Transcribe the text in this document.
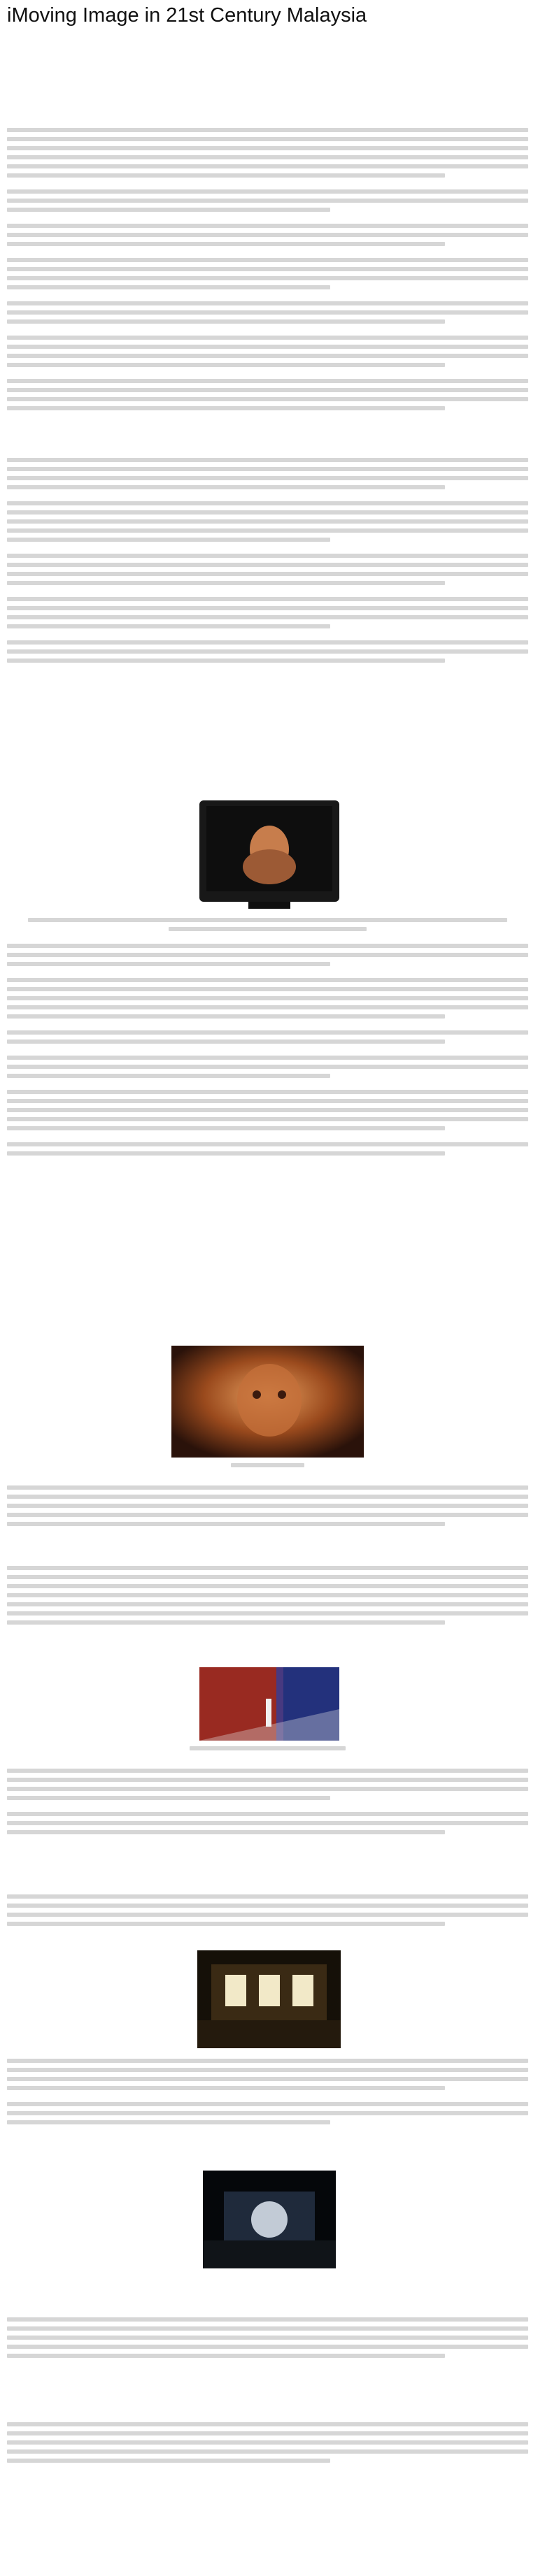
iMoving Image in 21st Century Malaysia
